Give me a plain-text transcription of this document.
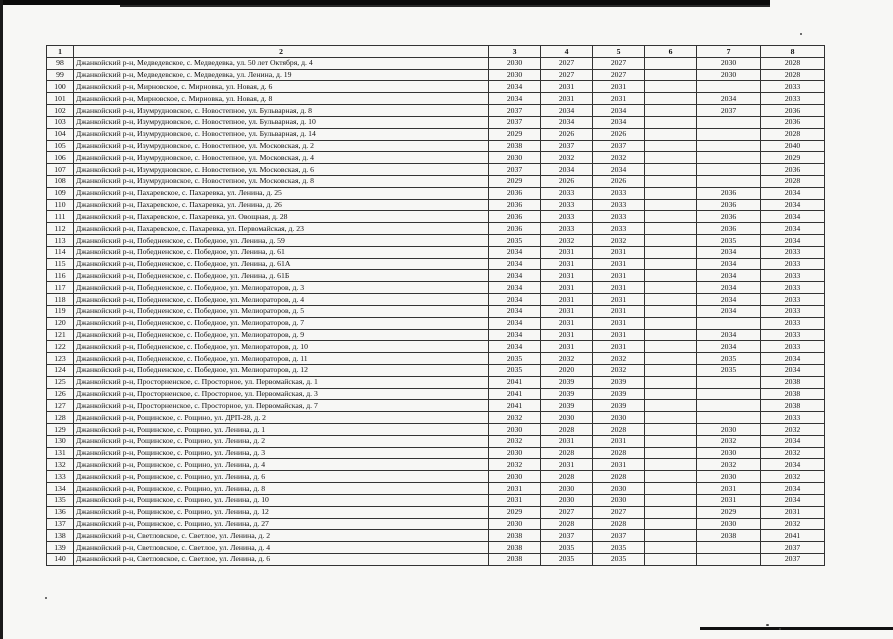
1	2	3	4	5	6	7	8
98	Джанкойский р-н, Медведевское, с. Медведевка, ул. 50 лет Октября, д. 4	2030	2027	2027		2030	2028
99	Джанкойский р-н, Медведевское, с. Медведевка, ул. Ленина, д. 19	2030	2027	2027		2030	2028
100	Джанкойский р-н, Мирновское, с. Мирновка, ул. Новая, д. 6	2034	2031	2031			2033
101	Джанкойский р-н, Мирновское, с. Мирновка, ул. Новая, д. 8	2034	2031	2031		2034	2033
102	Джанкойский р-н, Изумрудновское, с. Новостепное, ул. Бульварная, д. 8	2037	2034	2034		2037	2036
103	Джанкойский р-н, Изумрудновское, с. Новостепное, ул. Бульварная, д. 10	2037	2034	2034			2036
104	Джанкойский р-н, Изумрудновское, с. Новостепное, ул. Бульварная, д. 14	2029	2026	2026			2028
105	Джанкойский р-н, Изумрудновское, с. Новостепное, ул. Московская, д. 2	2038	2037	2037			2040
106	Джанкойский р-н, Изумрудновское, с. Новостепное, ул. Московская, д. 4	2030	2032	2032			2029
107	Джанкойский р-н, Изумрудновское, с. Новостепное, ул. Московская, д. 6	2037	2034	2034			2036
108	Джанкойский р-н, Изумрудновское, с. Новостепное, ул. Московская, д. 8	2029	2026	2026			2028
109	Джанкойский р-н, Пахаревское, с. Пахаревка, ул. Ленина, д. 25	2036	2033	2033		2036	2034
110	Джанкойский р-н, Пахаревское, с. Пахаревка, ул. Ленина, д. 26	2036	2033	2033		2036	2034
111	Джанкойский р-н, Пахаревское, с. Пахаревка, ул. Овощная, д. 28	2036	2033	2033		2036	2034
112	Джанкойский р-н, Пахаревское, с. Пахаревка, ул. Первомайская, д. 23	2036	2033	2033		2036	2034
113	Джанкойский р-н, Победненское, с. Победное, ул. Ленина, д. 59	2035	2032	2032		2035	2034
114	Джанкойский р-н, Победненское, с. Победное, ул. Ленина, д. 61	2034	2031	2031		2034	2033
115	Джанкойский р-н, Победненское, с. Победное, ул. Ленина, д. 61А	2034	2031	2031		2034	2033
116	Джанкойский р-н, Победненское, с. Победное, ул. Ленина, д. 61Б	2034	2031	2031		2034	2033
117	Джанкойский р-н, Победненское, с. Победное, ул. Мелиораторов, д. 3	2034	2031	2031		2034	2033
118	Джанкойский р-н, Победненское, с. Победное, ул. Мелиораторов, д. 4	2034	2031	2031		2034	2033
119	Джанкойский р-н, Победненское, с. Победное, ул. Мелиораторов, д. 5	2034	2031	2031		2034	2033
120	Джанкойский р-н, Победненское, с. Победное, ул. Мелиораторов, д. 7	2034	2031	2031			2033
121	Джанкойский р-н, Победненское, с. Победное, ул. Мелиораторов, д. 9	2034	2031	2031		2034	2033
122	Джанкойский р-н, Победненское, с. Победное, ул. Мелиораторов, д. 10	2034	2031	2031		2034	2033
123	Джанкойский р-н, Победненское, с. Победное, ул. Мелиораторов, д. 11	2035	2032	2032		2035	2034
124	Джанкойский р-н, Победненское, с. Победное, ул. Мелиораторов, д. 12	2035	2020	2032		2035	2034
125	Джанкойский р-н, Просторненское, с. Просторное, ул. Первомайская, д. 1	2041	2039	2039			2038
126	Джанкойский р-н, Просторненское, с. Просторное, ул. Первомайская, д. 3	2041	2039	2039			2038
127	Джанкойский р-н, Просторненское, с. Просторное, ул. Первомайская, д. 7	2041	2039	2039			2038
128	Джанкойский р-н, Рощинское, с. Рощино, ул. ДРП-28, д. 2	2032	2030	2030			2033
129	Джанкойский р-н, Рощинское, с. Рощино, ул. Ленина, д. 1	2030	2028	2028		2030	2032
130	Джанкойский р-н, Рощинское, с. Рощино, ул. Ленина, д. 2	2032	2031	2031		2032	2034
131	Джанкойский р-н, Рощинское, с. Рощино, ул. Ленина, д. 3	2030	2028	2028		2030	2032
132	Джанкойский р-н, Рощинское, с. Рощино, ул. Ленина, д. 4	2032	2031	2031		2032	2034
133	Джанкойский р-н, Рощинское, с. Рощино, ул. Ленина, д. 6	2030	2028	2028		2030	2032
134	Джанкойский р-н, Рощинское, с. Рощино, ул. Ленина, д. 8	2031	2030	2030		2031	2034
135	Джанкойский р-н, Рощинское, с. Рощино, ул. Ленина, д. 10	2031	2030	2030		2031	2034
136	Джанкойский р-н, Рощинское, с. Рощино, ул. Ленина, д. 12	2029	2027	2027		2029	2031
137	Джанкойский р-н, Рощинское, с. Рощино, ул. Ленина, д. 27	2030	2028	2028		2030	2032
138	Джанкойский р-н, Светловское, с. Светлое, ул. Ленина, д. 2	2038	2037	2037		2038	2041
139	Джанкойский р-н, Светловское, с. Светлое, ул. Ленина, д. 4	2038	2035	2035			2037
140	Джанкойский р-н, Светловское, с. Светлое, ул. Ленина, д. 6	2038	2035	2035			2037
